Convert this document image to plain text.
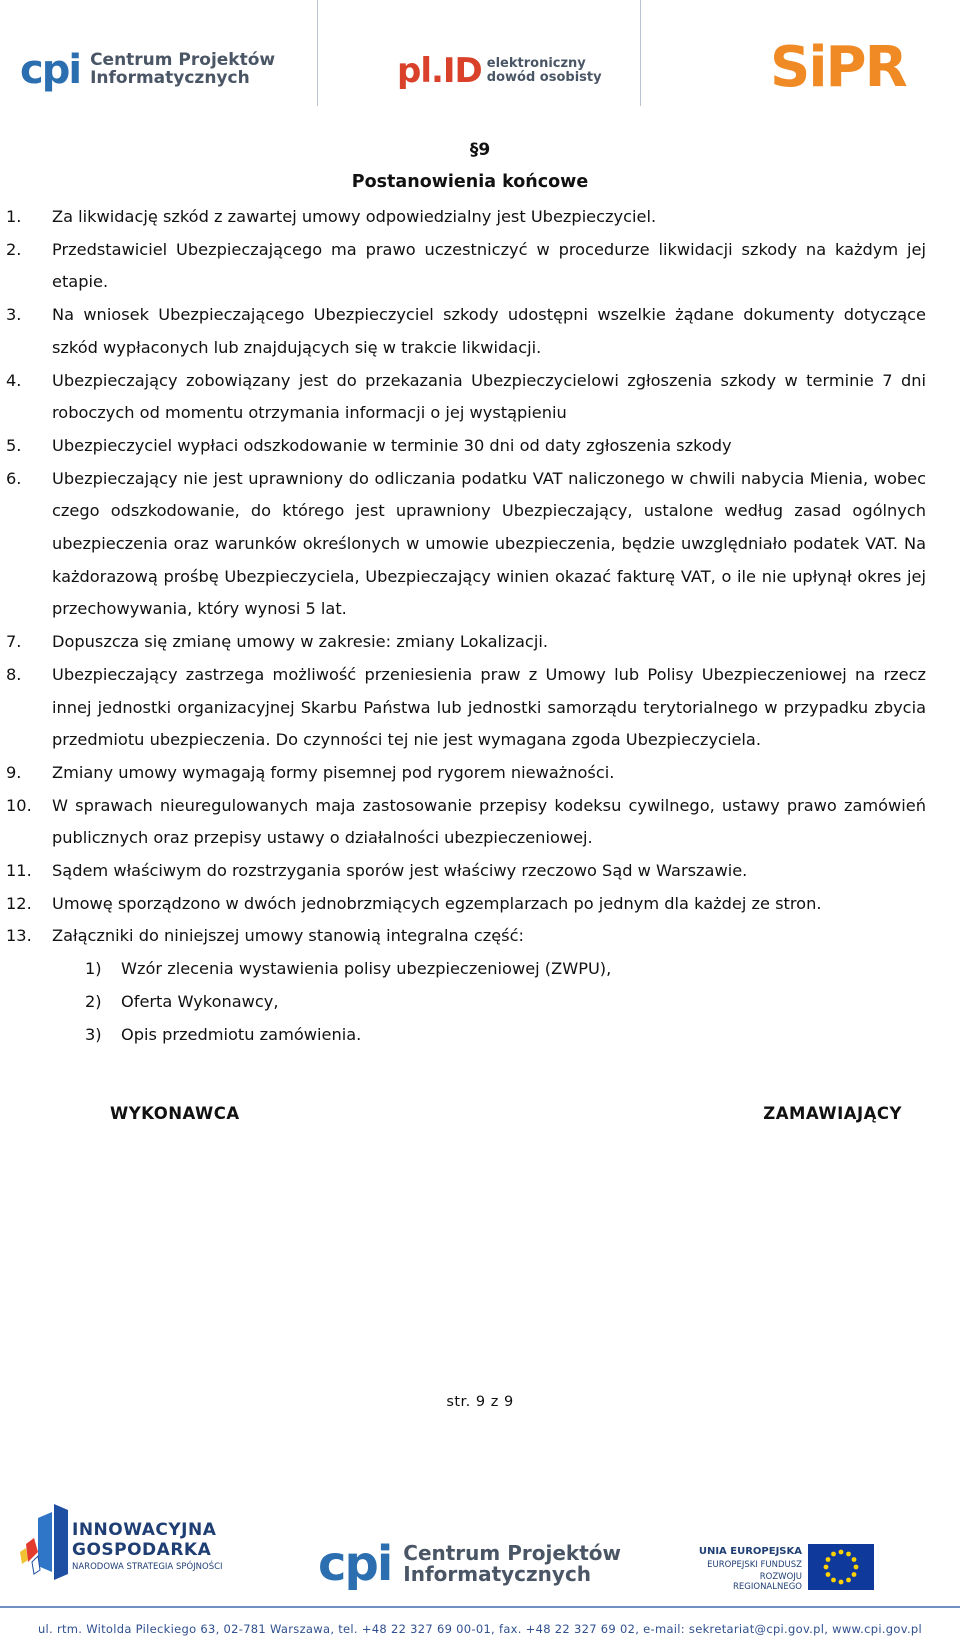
cpi Centrum Projektów
Informatycznych	pl.ID elektroniczny
dowód osobisty	SiPR
§9
Postanowienia końcowe
1. Za likwidację szkód z zawartej umowy odpowiedzialny jest Ubezpieczyciel.
2. Przedstawiciel Ubezpieczającego ma prawo uczestniczyć w procedurze likwidacji szkody na każdym jej etapie.
3. Na wniosek Ubezpieczającego Ubezpieczyciel szkody udostępni wszelkie żądane dokumenty dotyczące szkód wypłaconych lub znajdujących się w trakcie likwidacji.
4. Ubezpieczający zobowiązany jest do przekazania Ubezpieczycielowi zgłoszenia szkody w terminie 7 dni roboczych od momentu otrzymania informacji o jej wystąpieniu
5. Ubezpieczyciel wypłaci odszkodowanie w terminie 30 dni od daty zgłoszenia szkody
6. Ubezpieczający nie jest uprawniony do odliczania podatku VAT naliczonego w chwili nabycia Mienia, wobec czego odszkodowanie, do którego jest uprawniony Ubezpieczający, ustalone według zasad ogólnych ubezpieczenia oraz warunków określonych w umowie ubezpieczenia, będzie uwzględniało podatek VAT. Na każdorazową prośbę Ubezpieczyciela, Ubezpieczający winien okazać fakturę VAT, o ile nie upłynął okres jej przechowywania, który wynosi 5 lat.
7. Dopuszcza się zmianę umowy w zakresie: zmiany Lokalizacji.
8. Ubezpieczający zastrzega możliwość przeniesienia praw z Umowy lub Polisy Ubezpieczeniowej na rzecz innej jednostki organizacyjnej Skarbu Państwa lub jednostki samorządu terytorialnego w przypadku zbycia przedmiotu ubezpieczenia. Do czynności tej nie jest wymagana zgoda Ubezpieczyciela.
9. Zmiany umowy wymagają formy pisemnej pod rygorem nieważności.
10. W sprawach nieuregulowanych maja zastosowanie przepisy kodeksu cywilnego, ustawy prawo zamówień publicznych oraz przepisy ustawy o działalności ubezpieczeniowej.
11. Sądem właściwym do rozstrzygania sporów jest właściwy rzeczowo Sąd w Warszawie.
12. Umowę sporządzono w dwóch jednobrzmiących egzemplarzach po jednym dla każdej ze stron.
13. Załączniki do niniejszej umowy stanowią integralna część:
1) Wzór zlecenia wystawienia polisy ubezpieczeniowej (ZWPU),
2) Oferta Wykonawcy,
3) Opis przedmiotu zamówienia.
WYKONAWCA	ZAMAWIAJĄCY
str. 9 z 9
INNOWACYJNA
GOSPODARKA
NARODOWA STRATEGIA SPÓJNOŚCI cpi Centrum Projektów
Informatycznych
UNIA EUROPEJSKA
EUROPEJSKI FUNDUSZ
ROZWOJU REGIONALNEGO
ul. rtm. Witolda Pileckiego 63, 02-781 Warszawa, tel. +48 22 327 69 00-01, fax. +48 22 327 69 02, e-mail: sekretariat@cpi.gov.pl, www.cpi.gov.pl
